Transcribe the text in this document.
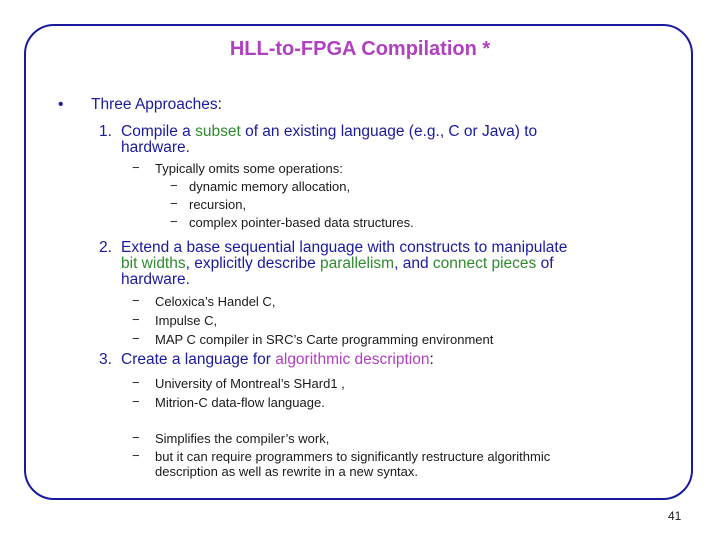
HLL-to-FPGA Compilation *
• Three Approaches:
1. Compile a subset of an existing language (e.g., C or Java) to
hardware.
− Typically omits some operations:
− dynamic memory allocation,
− recursion,
− complex pointer-based data structures.
2. Extend a base sequential language with constructs to manipulate
bit widths, explicitly describe parallelism, and connect pieces of
hardware.
− Celoxica’s Handel C,
− Impulse C,
− MAP C compiler in SRC’s Carte programming environment
3. Create a language for algorithmic description:
− University of Montreal’s SHard1 ,
− Mitrion-C data-flow language.
− Simplifies the compiler’s work,
− but it can require programmers to significantly restructure algorithmic
description as well as rewrite in a new syntax.
41
